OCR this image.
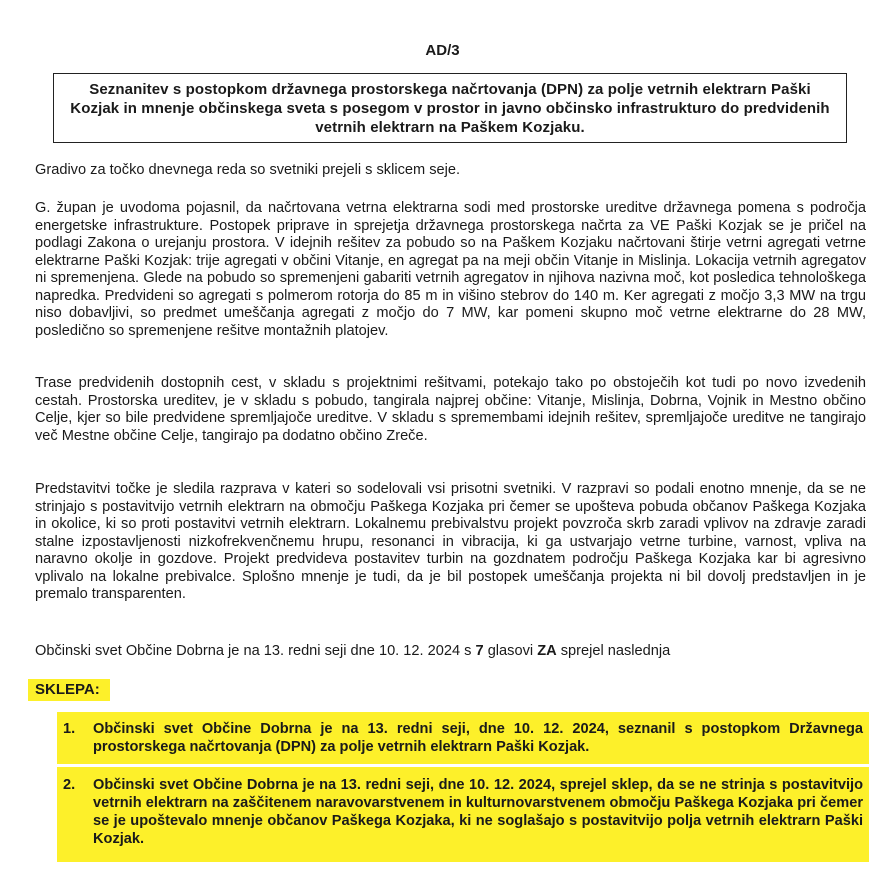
AD/3
Seznanitev s postopkom državnega prostorskega načrtovanja (DPN) za polje vetrnih elektrarn Paški Kozjak in mnenje občinskega sveta s posegom v prostor in javno občinsko infrastrukturo do predvidenih vetrnih elektrarn na Paškem Kozjaku.
Gradivo za točko dnevnega reda so svetniki prejeli s sklicem seje.
G. župan je uvodoma pojasnil, da načrtovana vetrna elektrarna sodi med prostorske ureditve državnega pomena s področja energetske infrastrukture. Postopek priprave in sprejetja državnega prostorskega načrta za VE Paški Kozjak se je pričel na podlagi Zakona o urejanju prostora. V idejnih rešitev za pobudo so na Paškem Kozjaku načrtovani štirje vetrni agregati vetrne elektrarne Paški Kozjak: trije agregati v občini Vitanje, en agregat pa na meji občin Vitanje in Mislinja. Lokacija vetrnih agregatov ni spremenjena. Glede na pobudo so spremenjeni gabariti vetrnih agregatov in njihova nazivna moč, kot posledica tehnološkega napredka. Predvideni so agregati s polmerom rotorja do 85 m in višino stebrov do 140 m. Ker agregati z močjo 3,3 MW na trgu niso dobavljivi, so predmet umeščanja agregati z močjo do 7 MW, kar pomeni skupno moč vetrne elektrarne do 28 MW, posledično so spremenjene rešitve montažnih platojev.
Trase predvidenih dostopnih cest, v skladu s projektnimi rešitvami, potekajo tako po obstoječih kot tudi po novo izvedenih cestah. Prostorska ureditev, je v skladu s pobudo, tangirala najprej občine: Vitanje, Mislinja, Dobrna, Vojnik in Mestno občino Celje, kjer so bile predvidene spremljajoče ureditve. V skladu s spremembami idejnih rešitev, spremljajoče ureditve ne tangirajo več Mestne občine Celje, tangirajo pa dodatno občino Zreče.
Predstavitvi točke je sledila razprava v kateri so sodelovali vsi prisotni svetniki. V razpravi so podali enotno mnenje, da se ne strinjajo s postavitvijo vetrnih elektrarn na območju Paškega Kozjaka pri čemer se upošteva pobuda občanov Paškega Kozjaka in okolice, ki so proti postavitvi vetrnih elektrarn. Lokalnemu prebivalstvu projekt povzroča skrb zaradi vplivov na zdravje zaradi stalne izpostavljenosti nizkofrekvenčnemu hrupu, resonanci in vibracija, ki ga ustvarjajo vetrne turbine, varnost, vpliva na naravno okolje in gozdove. Projekt predvideva postavitev turbin na gozdnatem področju Paškega Kozjaka kar bi agresivno vplivalo na lokalne prebivalce. Splošno mnenje je tudi, da je bil postopek umeščanja projekta ni bil dovolj predstavljen in je premalo transparenten.
Občinski svet Občine Dobrna je na 13. redni seji dne 10. 12. 2024 s 7 glasovi ZA sprejel naslednja
SKLEPA:
1.	Občinski svet Občine Dobrna je na 13. redni seji, dne 10. 12. 2024, seznanil s postopkom Državnega prostorskega načrtovanja (DPN) za polje vetrnih elektrarn Paški Kozjak.
2.	Občinski svet Občine Dobrna je na 13. redni seji, dne 10. 12. 2024, sprejel sklep, da se ne strinja s postavitvijo vetrnih elektrarn na zaščitenem naravovarstvenem in kulturnovarstvenem območju Paškega Kozjaka pri čemer se je upoštevalo mnenje občanov Paškega Kozjaka, ki ne soglašajo s postavitvijo polja vetrnih elektrarn Paški Kozjak.
